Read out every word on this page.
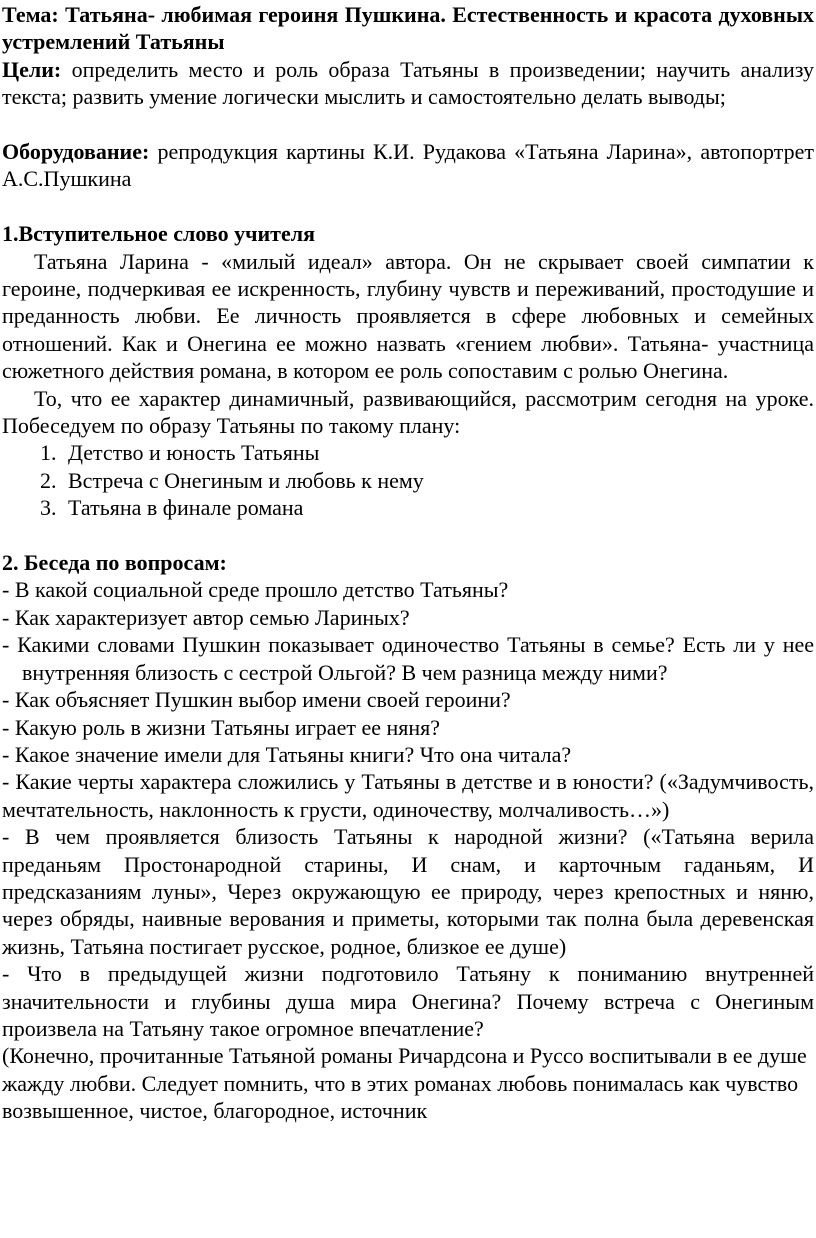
Тема: Татьяна- любимая героиня Пушкина. Естественность и красота духовных устремлений Татьяны

Цели: определить место и роль образа Татьяны в произведении; научить анализу текста; развить умение логически мыслить и самостоятельно делать выводы;

Оборудование: репродукция картины К.И. Рудакова «Татьяна Ларина», автопортрет А.С.Пушкина

1.Вступительное слово учителя

Татьяна Ларина - «милый идеал» автора. Он не скрывает своей симпатии к героине, подчеркивая ее искренность, глубину чувств и переживаний, простодушие и преданность любви. Ее личность проявляется в сфере любовных и семейных отношений. Как и Онегина ее можно назвать «гением любви». Татьяна- участница сюжетного действия романа, в котором ее роль сопоставим с ролью Онегина.

То, что ее характер динамичный, развивающийся, рассмотрим сегодня на уроке. Побеседуем по образу Татьяны по такому плану:

1. Детство и юность Татьяны
2. Встреча с Онегиным и любовь к нему
3. Татьяна в финале романа

2. Беседа по вопросам:

- В какой социальной среде прошло детство Татьяны?

- Как характеризует автор семью Лариных?

- Какими словами Пушкин показывает одиночество Татьяны в семье? Есть ли у нее внутренняя близость с сестрой Ольгой? В чем разница между ними?

- Как объясняет Пушкин выбор имени своей героини?

- Какую роль в жизни Татьяны играет ее няня?

- Какое значение имели для Татьяны книги? Что она читала?

- Какие черты характера сложились у Татьяны в детстве и в юности? («Задумчивость, мечтательность, наклонность к грусти, одиночеству, молчаливость…»)

- В чем проявляется близость Татьяны к народной жизни? («Татьяна верила преданьям Простонародной старины, И снам, и карточным гаданьям, И предсказаниям луны», Через окружающую ее природу, через крепостных и няню, через обряды, наивные верования и приметы, которыми так полна была деревенская жизнь, Татьяна постигает русское, родное, близкое ее душе)

- Что в предыдущей жизни подготовило Татьяну к пониманию внутренней значительности и глубины душа мира Онегина? Почему встреча с Онегиным произвела на Татьяну такое огромное впечатление?

(Конечно, прочитанные Татьяной романы Ричардсона и Руссо воспитывали в ее душе жажду любви. Следует помнить, что в этих романах любовь понималась как чувство возвышенное, чистое, благородное, источник
